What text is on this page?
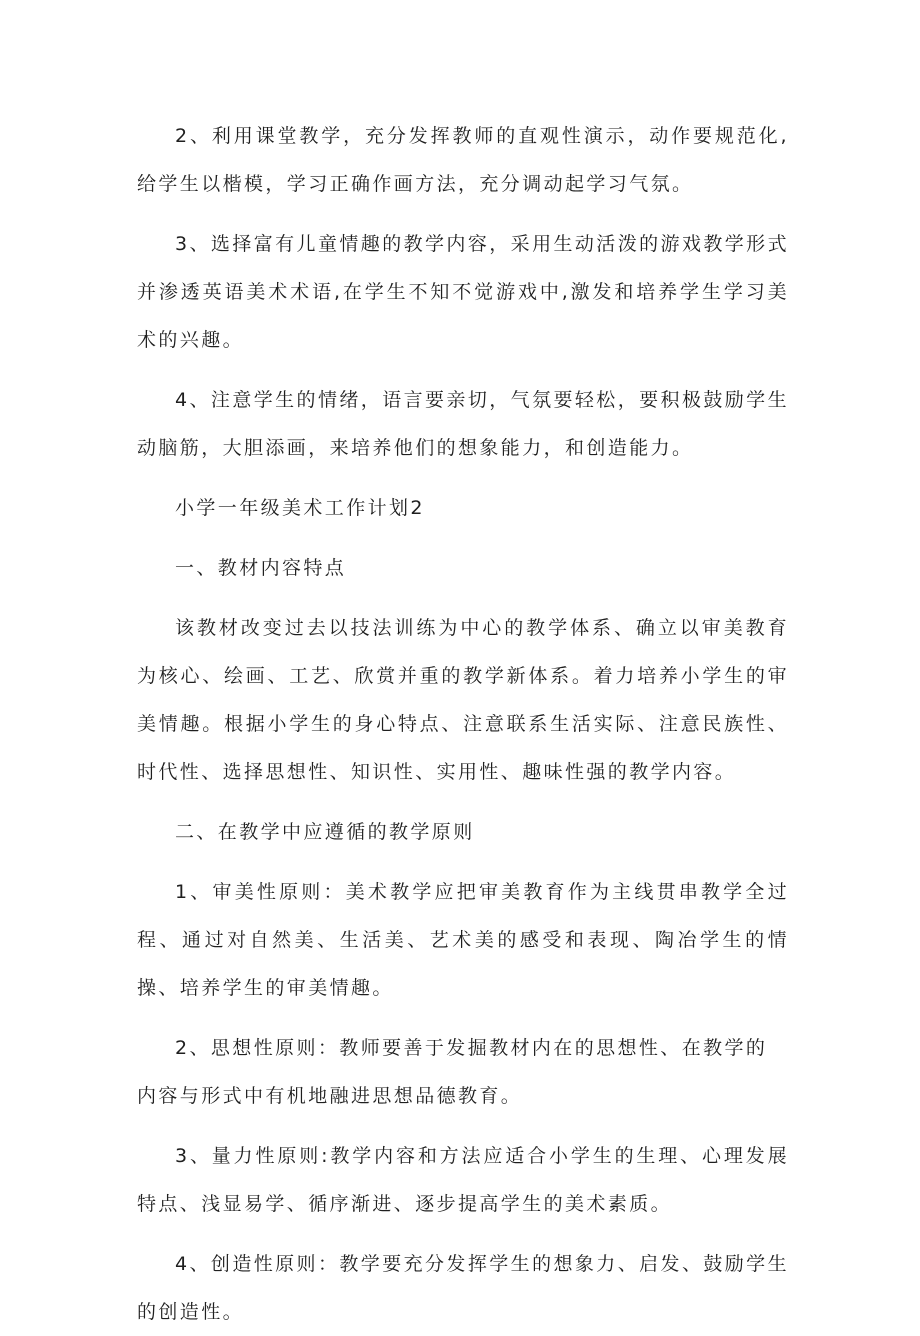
2、利用课堂教学，充分发挥教师的直观性演示，动作要规范化,给学生以楷模，学习正确作画方法，充分调动起学习气氛。

3、选择富有儿童情趣的教学内容，采用生动活泼的游戏教学形式并渗透英语美术术语,在学生不知不觉游戏中,激发和培养学生学习美术的兴趣。

4、注意学生的情绪，语言要亲切，气氛要轻松，要积极鼓励学生动脑筋，大胆添画，来培养他们的想象能力，和创造能力。

小学一年级美术工作计划2

一、教材内容特点

该教材改变过去以技法训练为中心的教学体系、确立以审美教育为核心、绘画、工艺、欣赏并重的教学新体系。着力培养小学生的审美情趣。根据小学生的身心特点、注意联系生活实际、注意民族性、时代性、选择思想性、知识性、实用性、趣味性强的教学内容。

二、在教学中应遵循的教学原则

1、审美性原则：美术教学应把审美教育作为主线贯串教学全过程、通过对自然美、生活美、艺术美的感受和表现、陶冶学生的情操、培养学生的审美情趣。

2、思想性原则：教师要善于发掘教材内在的思想性、在教学的
内容与形式中有机地融进思想品德教育。

3、量力性原则:教学内容和方法应适合小学生的生理、心理发展特点、浅显易学、循序渐进、逐步提高学生的美术素质。

4、创造性原则：教学要充分发挥学生的想象力、启发、鼓励学生的创造性。
